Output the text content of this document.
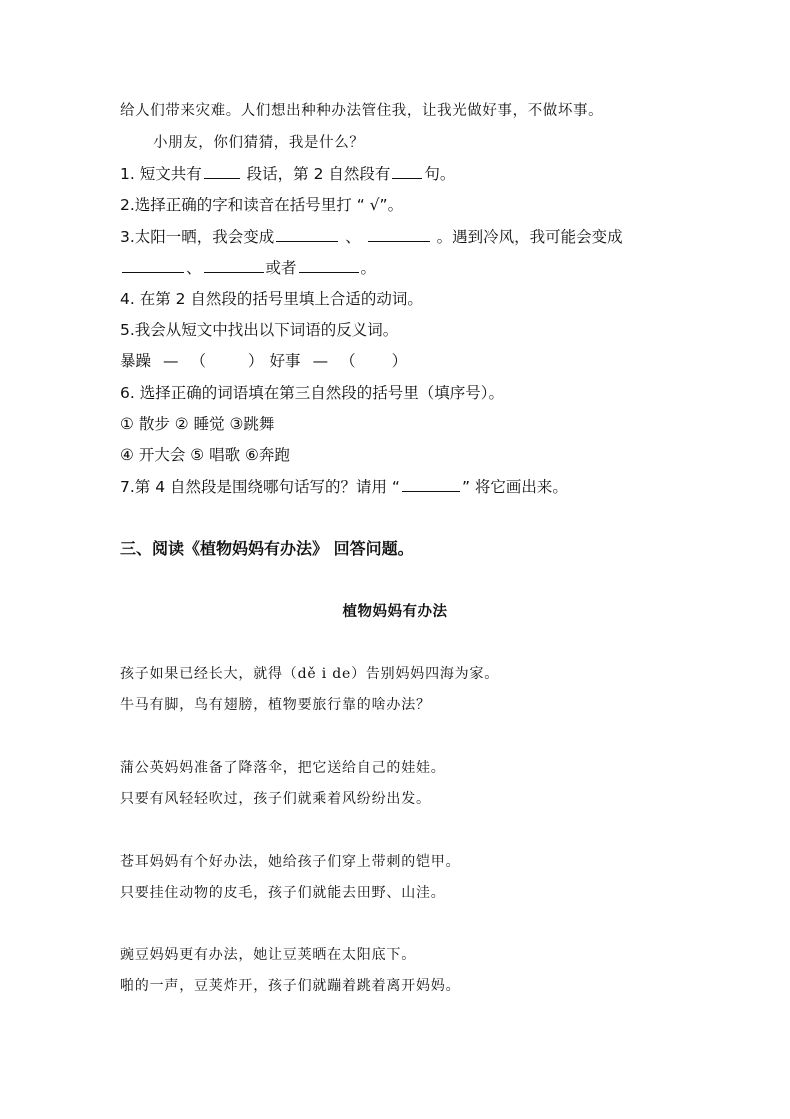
给人们带来灾难。人们想出种种办法管住我，让我光做好事，不做坏事。
小朋友，你们猜猜，我是什么？
1. 短文共有	段话，第 2 自然段有 句。
2.选择正确的字和读音在括号里打 “ √”。
3.太阳一晒，我会变成	、	。遇到冷风，我可能会变成
、	或者	。
4. 在第 2 自然段的括号里填上合适的动词。
5.我会从短文中找出以下词语的反义词。
暴躁 — （	） 好事 — （ ）
6. 选择正确的词语填在第三自然段的括号里（填序号）。
① 散步 ② 睡觉 ③跳舞
④ 开大会 ⑤ 唱歌 ⑥奔跑
7.第 4 自然段是围绕哪句话写的？请用 “	” 将它画出来。
三、阅读《植物妈妈有办法》 回答问题。
植物妈妈有办法
孩子如果已经长大，就得（dě i de）告别妈妈四海为家。
牛马有脚，鸟有翅膀，植物要旅行靠的啥办法？
蒲公英妈妈准备了降落伞，把它送给自己的娃娃。
只要有风轻轻吹过，孩子们就乘着风纷纷出发。
苍耳妈妈有个好办法，她给孩子们穿上带刺的铠甲。
只要挂住动物的皮毛，孩子们就能去田野、山洼。
豌豆妈妈更有办法，她让豆荚晒在太阳底下。
啪的一声，豆荚炸开，孩子们就蹦着跳着离开妈妈。
